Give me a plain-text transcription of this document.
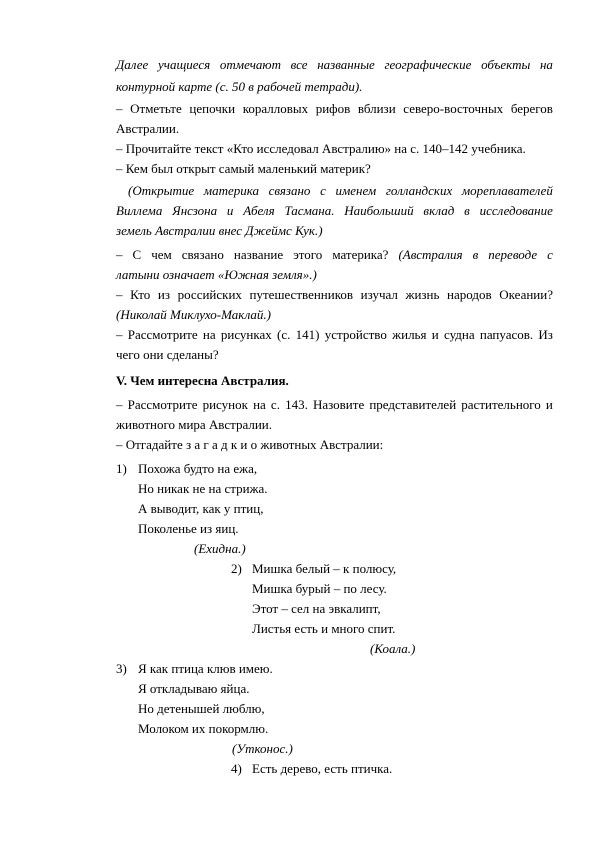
Далее учащиеся отмечают все названные географические объекты на
контурной карте (с. 50 в рабочей тетради).
– Отметьте цепочки коралловых рифов вблизи северо-восточных берегов
Австралии.
– Прочитайте текст «Кто исследовал Австралию» на с. 140–142 учебника.
– Кем был открыт самый маленький материк?
(Открытие материка связано с именем голландских мореплавателей
Виллема Янсзона и Абеля Тасмана. Наибольший вклад в исследование
земель Австралии внес Джеймс Кук.)
– С чем связано название этого материка? (Австралия в переводе с
латыни означает «Южная земля».)
– Кто из российских путешественников изучал жизнь народов Океании?
(Николай Миклухо-Маклай.)
– Рассмотрите на рисунках (с. 141) устройство жилья и судна папуасов. Из
чего они сделаны?
V. Чем интересна Австралия.
– Рассмотрите рисунок на с. 143. Назовите представителей растительного и
животного мира Австралии.
– Отгадайте з а г а д к и о животных Австралии:
1) Похожа будто на ежа,
Но никак не на стрижа.
А выводит, как у птиц,
Поколенье из яиц.
(Ехидна.)
2) Мишка белый – к полюсу,
Мишка бурый – по лесу.
Этот – сел на эвкалипт,
Листья есть и много спит.
(Коала.)
3) Я как птица клюв имею.
Я откладываю яйца.
Но детенышей люблю,
Молоком их покормлю.
(Утконос.)
4) Есть дерево, есть птичка.
